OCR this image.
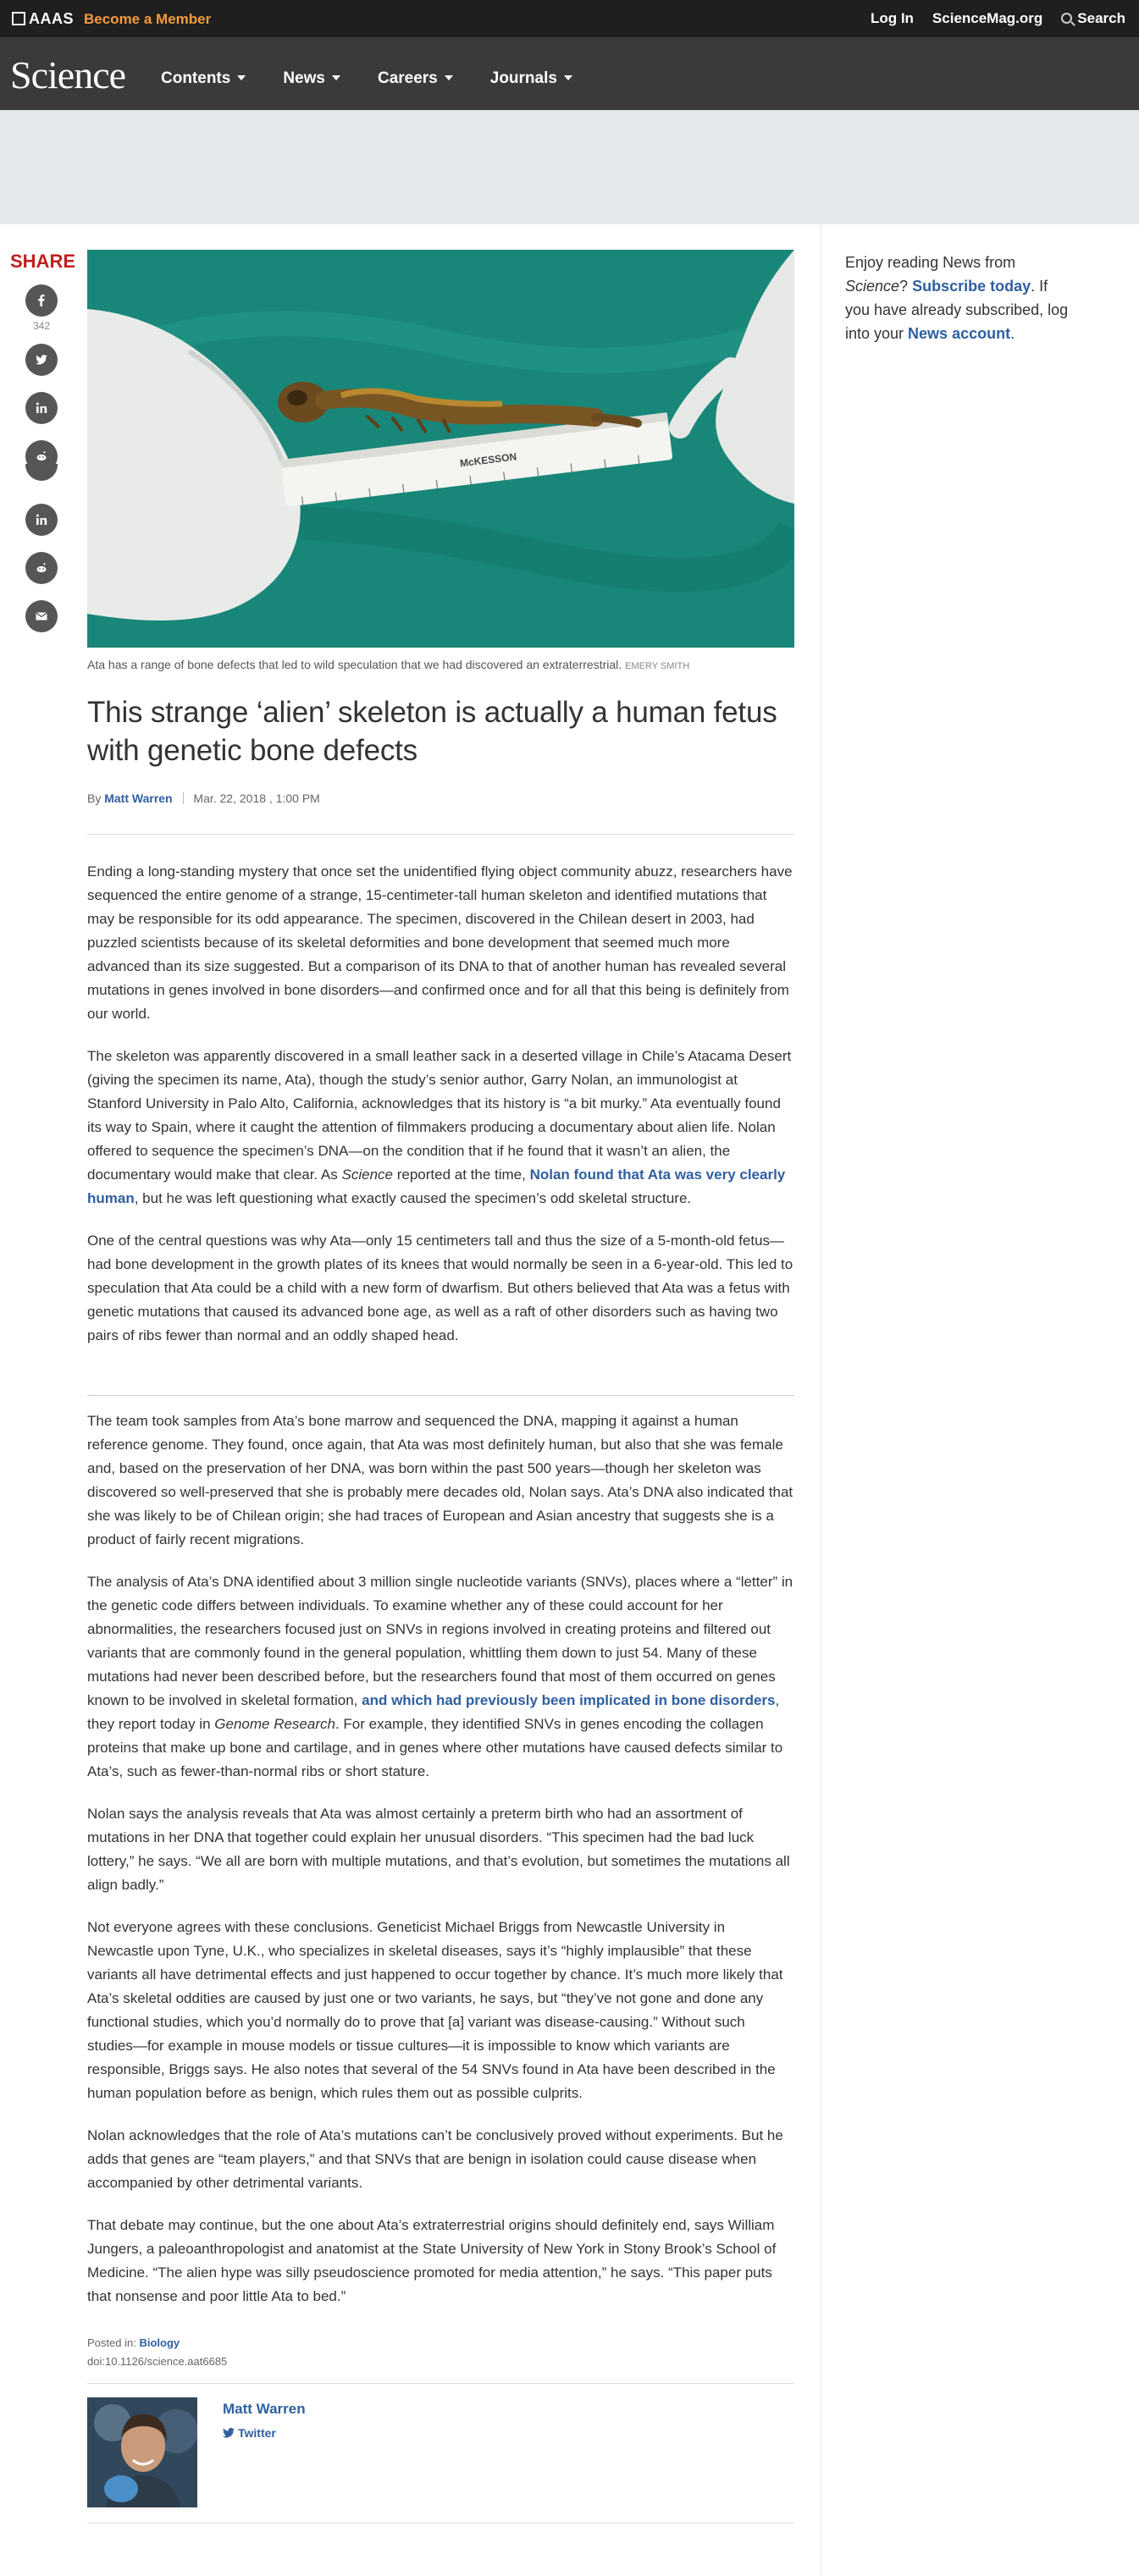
AAAS Become a Member	Log In ScienceMag.org	Search
Science Contents	News	Careers	Journals
SHARE
342
McKESSON
Ata has a range of bone defects that led to wild speculation that we had discovered an extraterrestrial. EMERY SMITH
This strange ‘alien’ skeleton is actually a human fetus with genetic bone defects
By Matt Warren Mar. 22, 2018 , 1:00 PM

Ending a long-standing mystery that once set the unidentified flying object community abuzz, researchers have sequenced the entire genome of a strange, 15-centimeter-tall human skeleton and identified mutations that may be responsible for its odd appearance. The specimen, discovered in the Chilean desert in 2003, had puzzled scientists because of its skeletal deformities and bone development that seemed much more advanced than its size suggested. But a comparison of its DNA to that of another human has revealed several mutations in genes involved in bone disorders—and confirmed once and for all that this being is definitely from our world.

The skeleton was apparently discovered in a small leather sack in a deserted village in Chile’s Atacama Desert (giving the specimen its name, Ata), though the study’s senior author, Garry Nolan, an immunologist at Stanford University in Palo Alto, California, acknowledges that its history is “a bit murky.” Ata eventually found its way to Spain, where it caught the attention of filmmakers producing a documentary about alien life. Nolan offered to sequence the specimen’s DNA—on the condition that if he found that it wasn’t an alien, the documentary would make that clear. As Science reported at the time, Nolan found that Ata was very clearly human, but he was left questioning what exactly caused the specimen’s odd skeletal structure.

One of the central questions was why Ata—only 15 centimeters tall and thus the size of a 5-month-old fetus—had bone development in the growth plates of its knees that would normally be seen in a 6-year-old. This led to speculation that Ata could be a child with a new form of dwarfism. But others believed that Ata was a fetus with genetic mutations that caused its advanced bone age, as well as a raft of other disorders such as having two pairs of ribs fewer than normal and an oddly shaped head.

The team took samples from Ata’s bone marrow and sequenced the DNA, mapping it against a human reference genome. They found, once again, that Ata was most definitely human, but also that she was female and, based on the preservation of her DNA, was born within the past 500 years—though her skeleton was discovered so well-preserved that she is probably mere decades old, Nolan says. Ata’s DNA also indicated that she was likely to be of Chilean origin; she had traces of European and Asian ancestry that suggests she is a product of fairly recent migrations.

The analysis of Ata’s DNA identified about 3 million single nucleotide variants (SNVs), places where a “letter” in the genetic code differs between individuals. To examine whether any of these could account for her abnormalities, the researchers focused just on SNVs in regions involved in creating proteins and filtered out variants that are commonly found in the general population, whittling them down to just 54. Many of these mutations had never been described before, but the researchers found that most of them occurred on genes known to be involved in skeletal formation, and which had previously been implicated in bone disorders, they report today in Genome Research. For example, they identified SNVs in genes encoding the collagen proteins that make up bone and cartilage, and in genes where other mutations have caused defects similar to Ata’s, such as fewer-than-normal ribs or short stature.

Nolan says the analysis reveals that Ata was almost certainly a preterm birth who had an assortment of mutations in her DNA that together could explain her unusual disorders. “This specimen had the bad luck lottery,” he says. “We all are born with multiple mutations, and that’s evolution, but sometimes the mutations all align badly.”

Not everyone agrees with these conclusions. Geneticist Michael Briggs from Newcastle University in Newcastle upon Tyne, U.K., who specializes in skeletal diseases, says it’s “highly implausible” that these variants all have detrimental effects and just happened to occur together by chance. It’s much more likely that Ata’s skeletal oddities are caused by just one or two variants, he says, but “they’ve not gone and done any functional studies, which you’d normally do to prove that [a] variant was disease-causing.” Without such studies—for example in mouse models or tissue cultures—it is impossible to know which variants are responsible, Briggs says. He also notes that several of the 54 SNVs found in Ata have been described in the human population before as benign, which rules them out as possible culprits.

Nolan acknowledges that the role of Ata’s mutations can’t be conclusively proved without experiments. But he adds that genes are “team players,” and that SNVs that are benign in isolation could cause disease when accompanied by other detrimental variants.

That debate may continue, but the one about Ata’s extraterrestrial origins should definitely end, says William Jungers, a paleoanthropologist and anatomist at the State University of New York in Stony Brook’s School of Medicine. “The alien hype was silly pseudoscience promoted for media attention,” he says. “This paper puts that nonsense and poor little Ata to bed.”

Posted in: Biology
doi:10.1126/science.aat6685
Matt Warren
Twitter
Enjoy reading News from Science? Subscribe today. If you have already subscribed, log into your News account.
